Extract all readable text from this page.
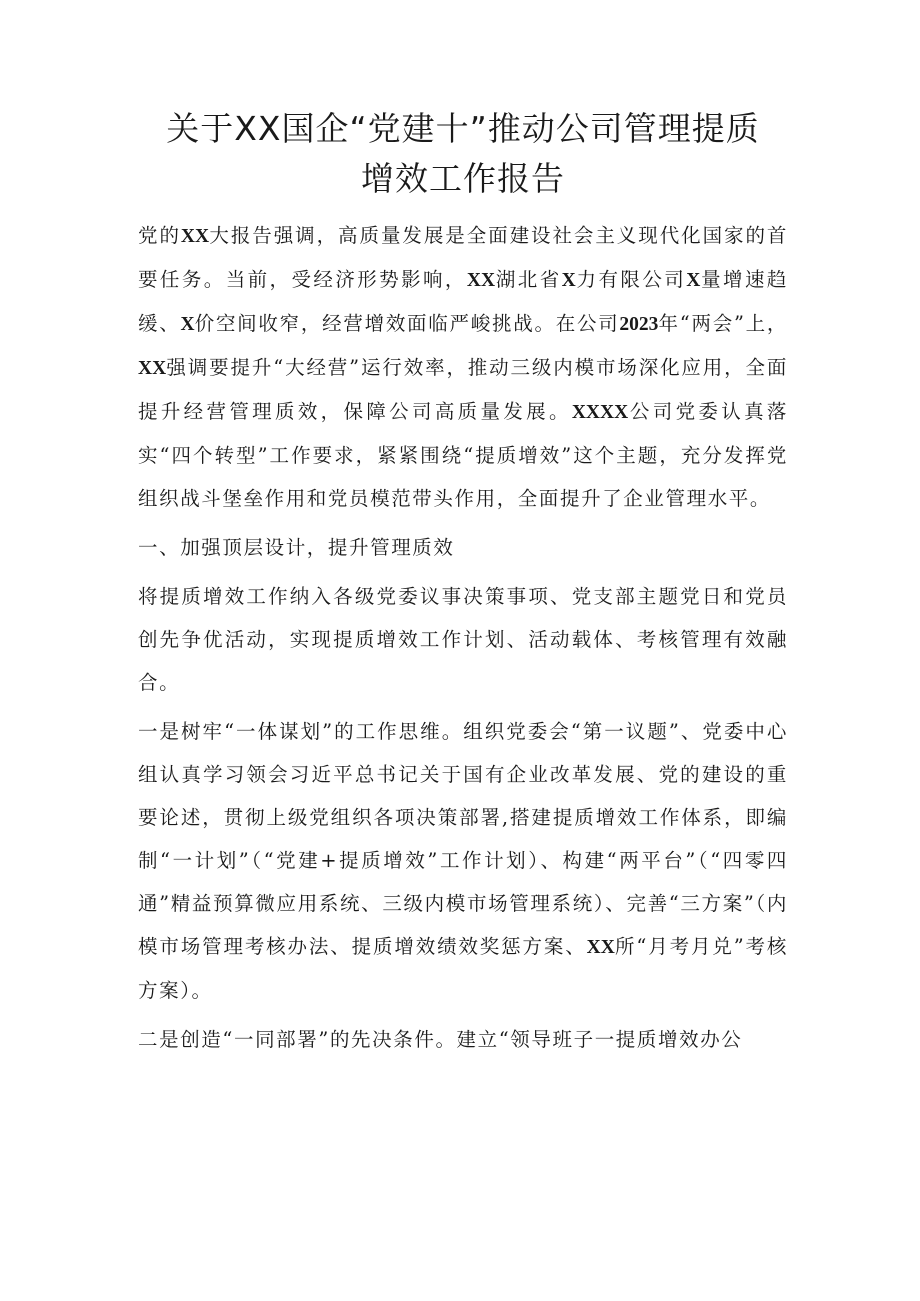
关于XX国企“党建十”推动公司管理提质
增效工作报告

党的XX大报告强调，高质量发展是全面建设社会主义现代化国家的首要任务。当前，受经济形势影响，XX湖北省X力有限公司X量增速趋缓、X价空间收窄，经营增效面临严峻挑战。在公司2023年“两会”上，XX强调要提升“大经营”运行效率，推动三级内模市场深化应用，全面提升经营管理质效，保障公司高质量发展。XXXX公司党委认真落实“四个转型”工作要求，紧紧围绕“提质增效”这个主题，充分发挥党组织战斗堡垒作用和党员模范带头作用，全面提升了企业管理水平。

一、加强顶层设计，提升管理质效

将提质增效工作纳入各级党委议事决策事项、党支部主题党日和党员创先争优活动，实现提质增效工作计划、活动载体、考核管理有效融合。

一是树牢“一体谋划”的工作思维。组织党委会“第一议题”、党委中心组认真学习领会习近平总书记关于国有企业改革发展、党的建设的重要论述，贯彻上级党组织各项决策部署,搭建提质增效工作体系，即编制“一计划”（“党建+提质增效”工作计划）、构建“两平台”（“四零四通”精益预算微应用系统、三级内模市场管理系统）、完善“三方案”（内模市场管理考核办法、提质增效绩效奖惩方案、XX所“月考月兑”考核方案）。

二是创造“一同部署”的先决条件。建立“领导班子一提质增效办公
